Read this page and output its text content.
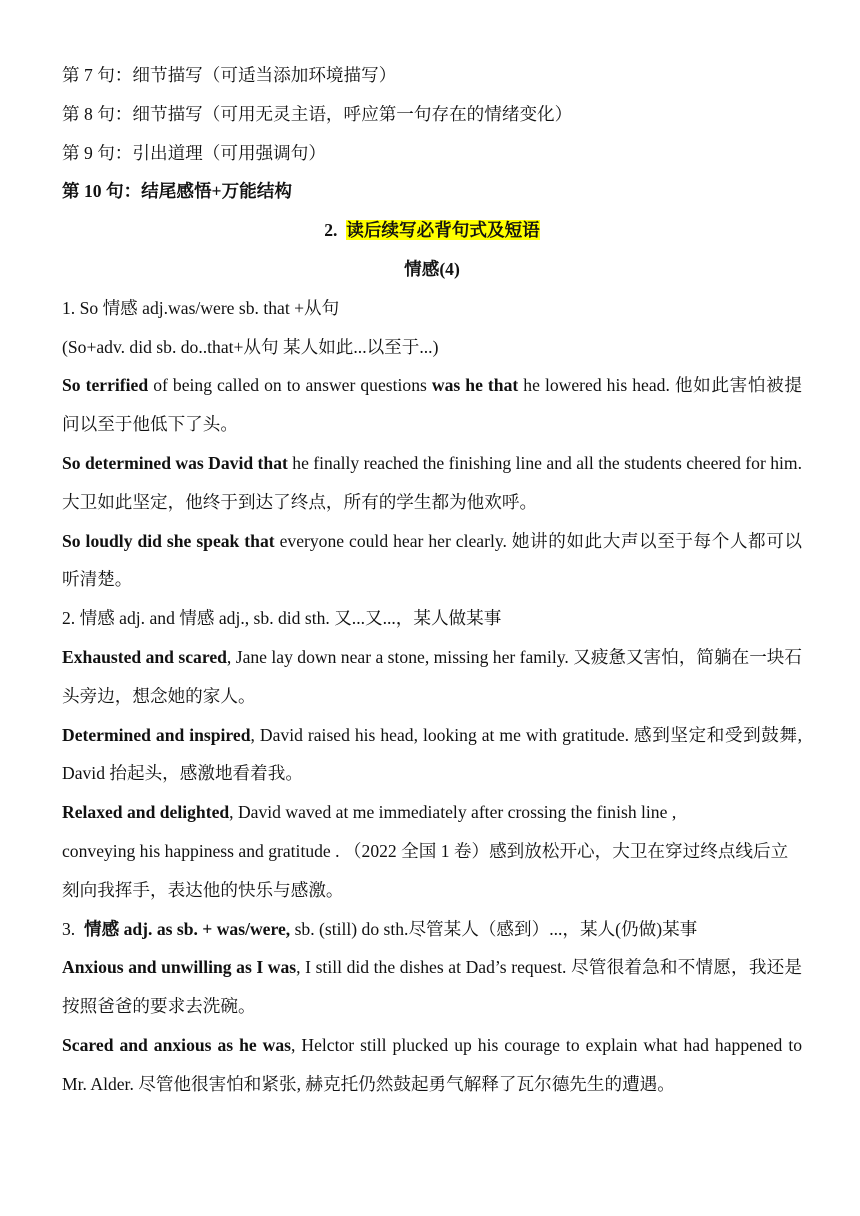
第 7 句：细节描写（可适当添加环境描写）

第 8 句：细节描写（可用无灵主语，呼应第一句存在的情绪变化）

第 9 句：引出道理（可用强调句）

第 10 句：结尾感悟+万能结构

2. 读后续写必背句式及短语

情感(4)

1. So 情感 adj.was/were sb. that +从句

(So+adv. did sb. do..that+从句 某人如此...以至于...)

So terrified of being called on to answer questions was he that he lowered his head. 他如此害怕被提问以至于他低下了头。

So determined was David that he finally reached the finishing line and all the students cheered for him. 大卫如此坚定，他终于到达了终点，所有的学生都为他欢呼。

So loudly did she speak that everyone could hear her clearly. 她讲的如此大声以至于每个人都可以听清楚。

2. 情感 adj. and 情感 adj., sb. did sth. 又...又...，某人做某事

Exhausted and scared, Jane lay down near a stone, missing her family. 又疲惫又害怕，简躺在一块石头旁边，想念她的家人。

Determined and inspired, David raised his head, looking at me with gratitude. 感到坚定和受到鼓舞, David 抬起头，感激地看着我。

Relaxed and delighted, David waved at me immediately after crossing the finish line ,
conveying his happiness and gratitude . （2022 全国 1 卷）感到放松开心，大卫在穿过终点线后立刻向我挥手，表达他的快乐与感激。

3. 情感 adj. as sb. + was/were, sb. (still) do sth.尽管某人（感到）...，某人(仍做)某事

Anxious and unwilling as I was, I still did the dishes at Dad’s request. 尽管很着急和不情愿，我还是按照爸爸的要求去洗碗。

Scared and anxious as he was, Helctor still plucked up his courage to explain what had happened to Mr. Alder. 尽管他很害怕和紧张, 赫克托仍然鼓起勇气解释了瓦尔德先生的遭遇。
